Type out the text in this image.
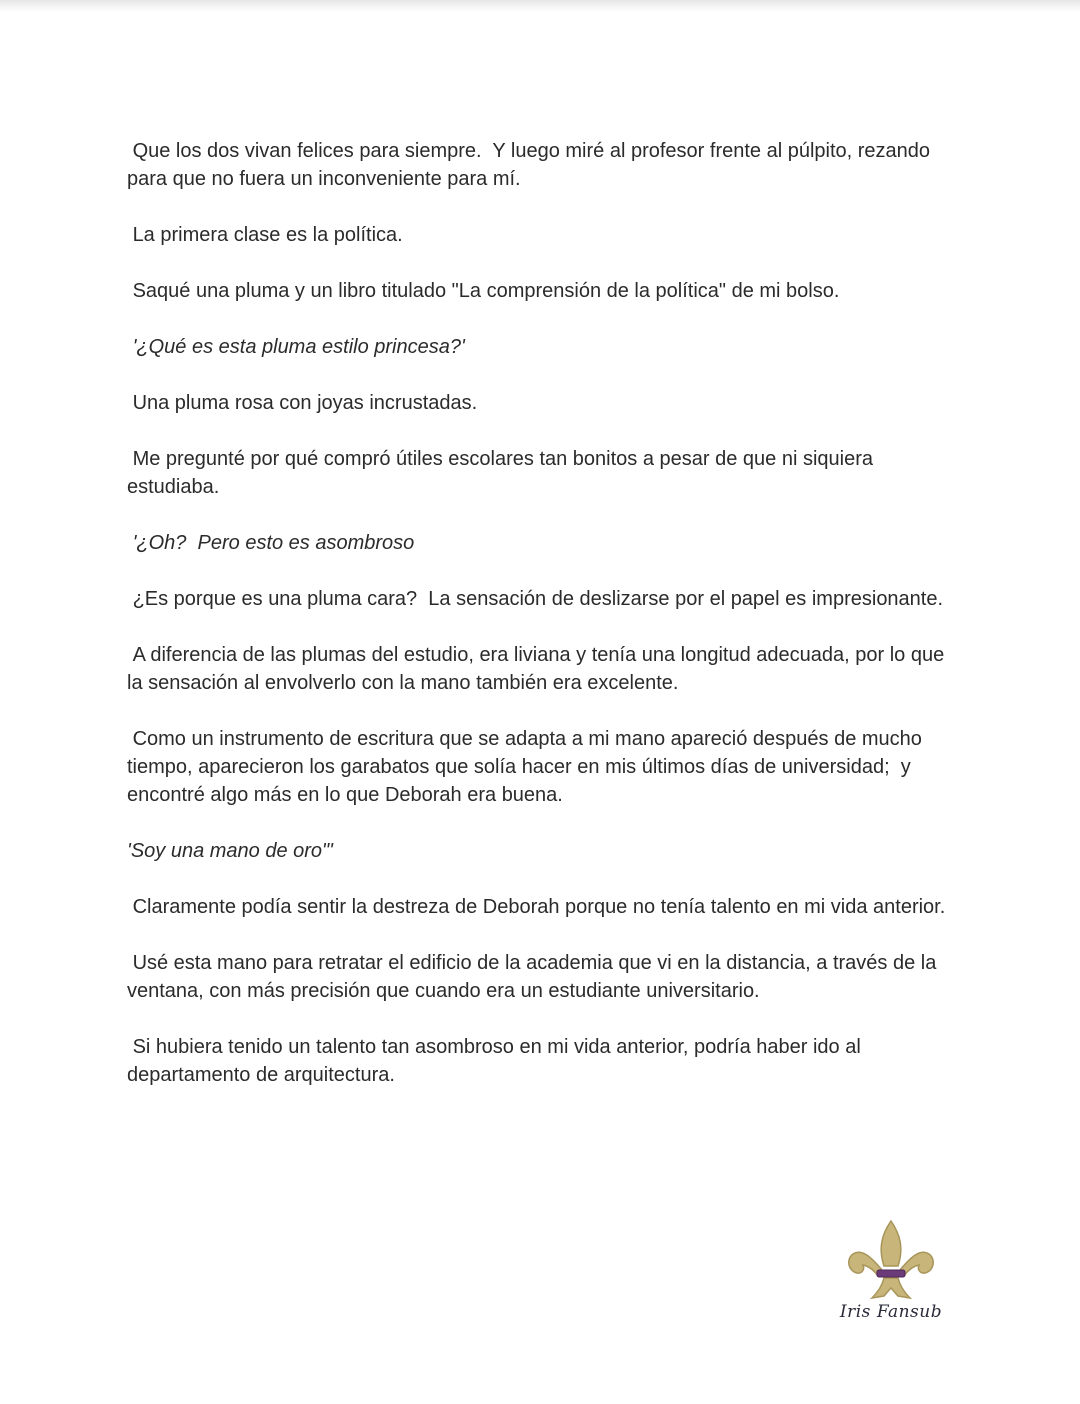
Que los dos vivan felices para siempre.  Y luego miré al profesor frente al púlpito, rezando para que no fuera un inconveniente para mí.

La primera clase es la política.

Saqué una pluma y un libro titulado "La comprensión de la política" de mi bolso.

'¿Qué es esta pluma estilo princesa?'

Una pluma rosa con joyas incrustadas.

Me pregunté por qué compró útiles escolares tan bonitos a pesar de que ni siquiera estudiaba.

'¿Oh?  Pero esto es asombroso

¿Es porque es una pluma cara?  La sensación de deslizarse por el papel es impresionante.

A diferencia de las plumas del estudio, era liviana y tenía una longitud adecuada, por lo que la sensación al envolverlo con la mano también era excelente.

Como un instrumento de escritura que se adapta a mi mano apareció después de mucho tiempo, aparecieron los garabatos que solía hacer en mis últimos días de universidad;  y encontré algo más en lo que Deborah era buena.

'Soy una mano de oro"'

Claramente podía sentir la destreza de Deborah porque no tenía talento en mi vida anterior.

Usé esta mano para retratar el edificio de la academia que vi en la distancia, a través de la ventana, con más precisión que cuando era un estudiante universitario.

Si hubiera tenido un talento tan asombroso en mi vida anterior, podría haber ido al departamento de arquitectura.

Iris Fansub
